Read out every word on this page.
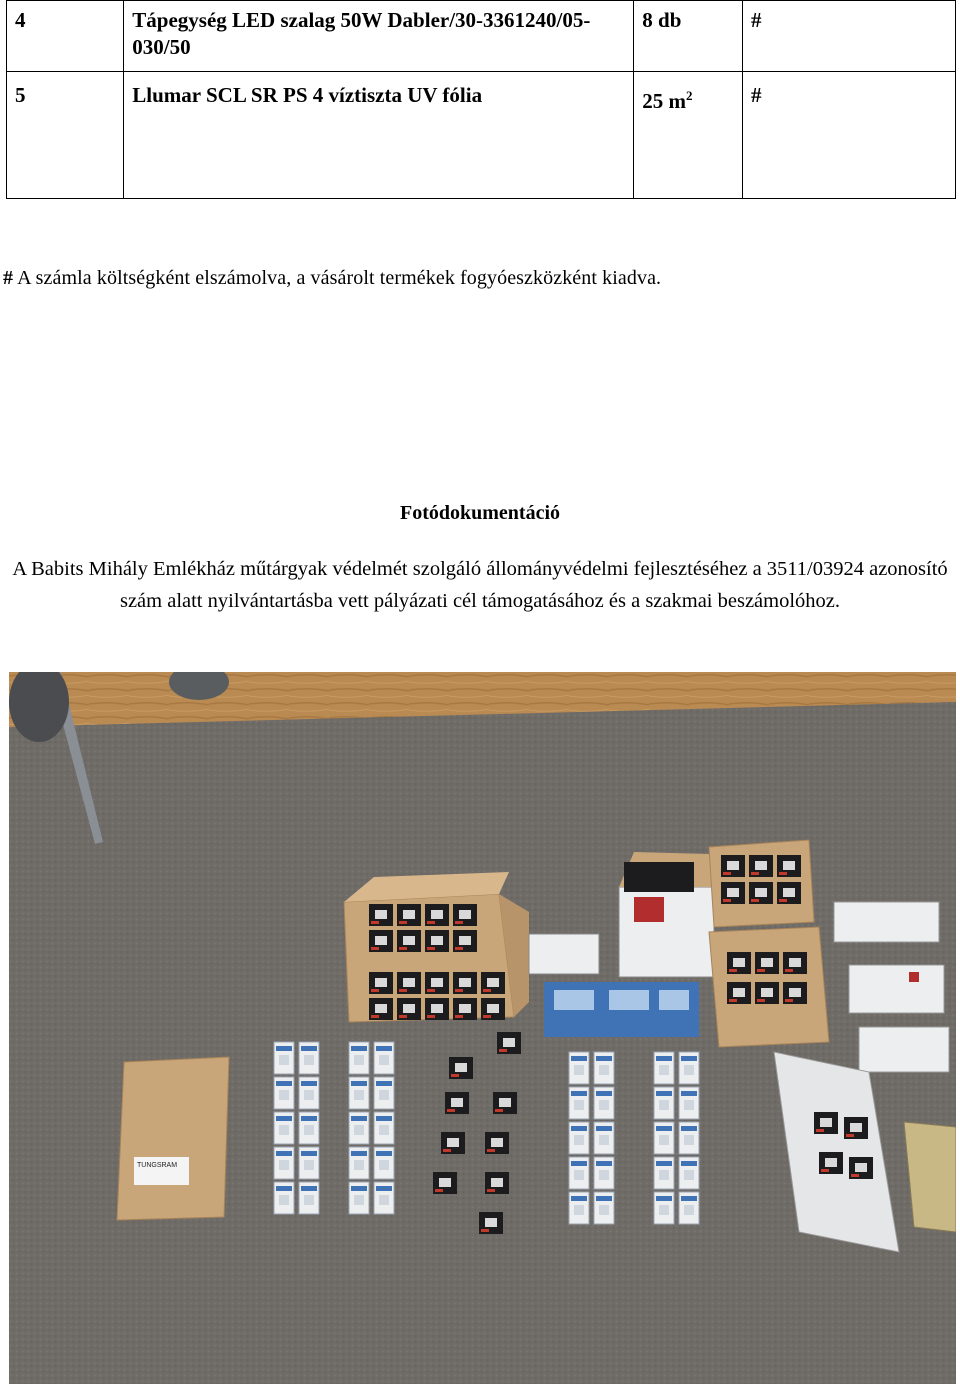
4	Tápegység LED szalag 50W Dabler/30-3361240/05-030/50	8 db	#
5	Llumar SCL SR PS 4 víztiszta UV fólia	25 $m^2$	#
# A számla költségként elszámolva, a vásárolt termékek fogyóeszközként kiadva.
Fotódokumentáció
A Babits Mihály Emlékház műtárgyak védelmét szolgáló állományvédelmi fejlesztéséhez a 3511/03924 azonosító szám alatt nyilvántartásba vett pályázati cél támogatásához és a szakmai beszámolóhoz.
TUNGSRAM
